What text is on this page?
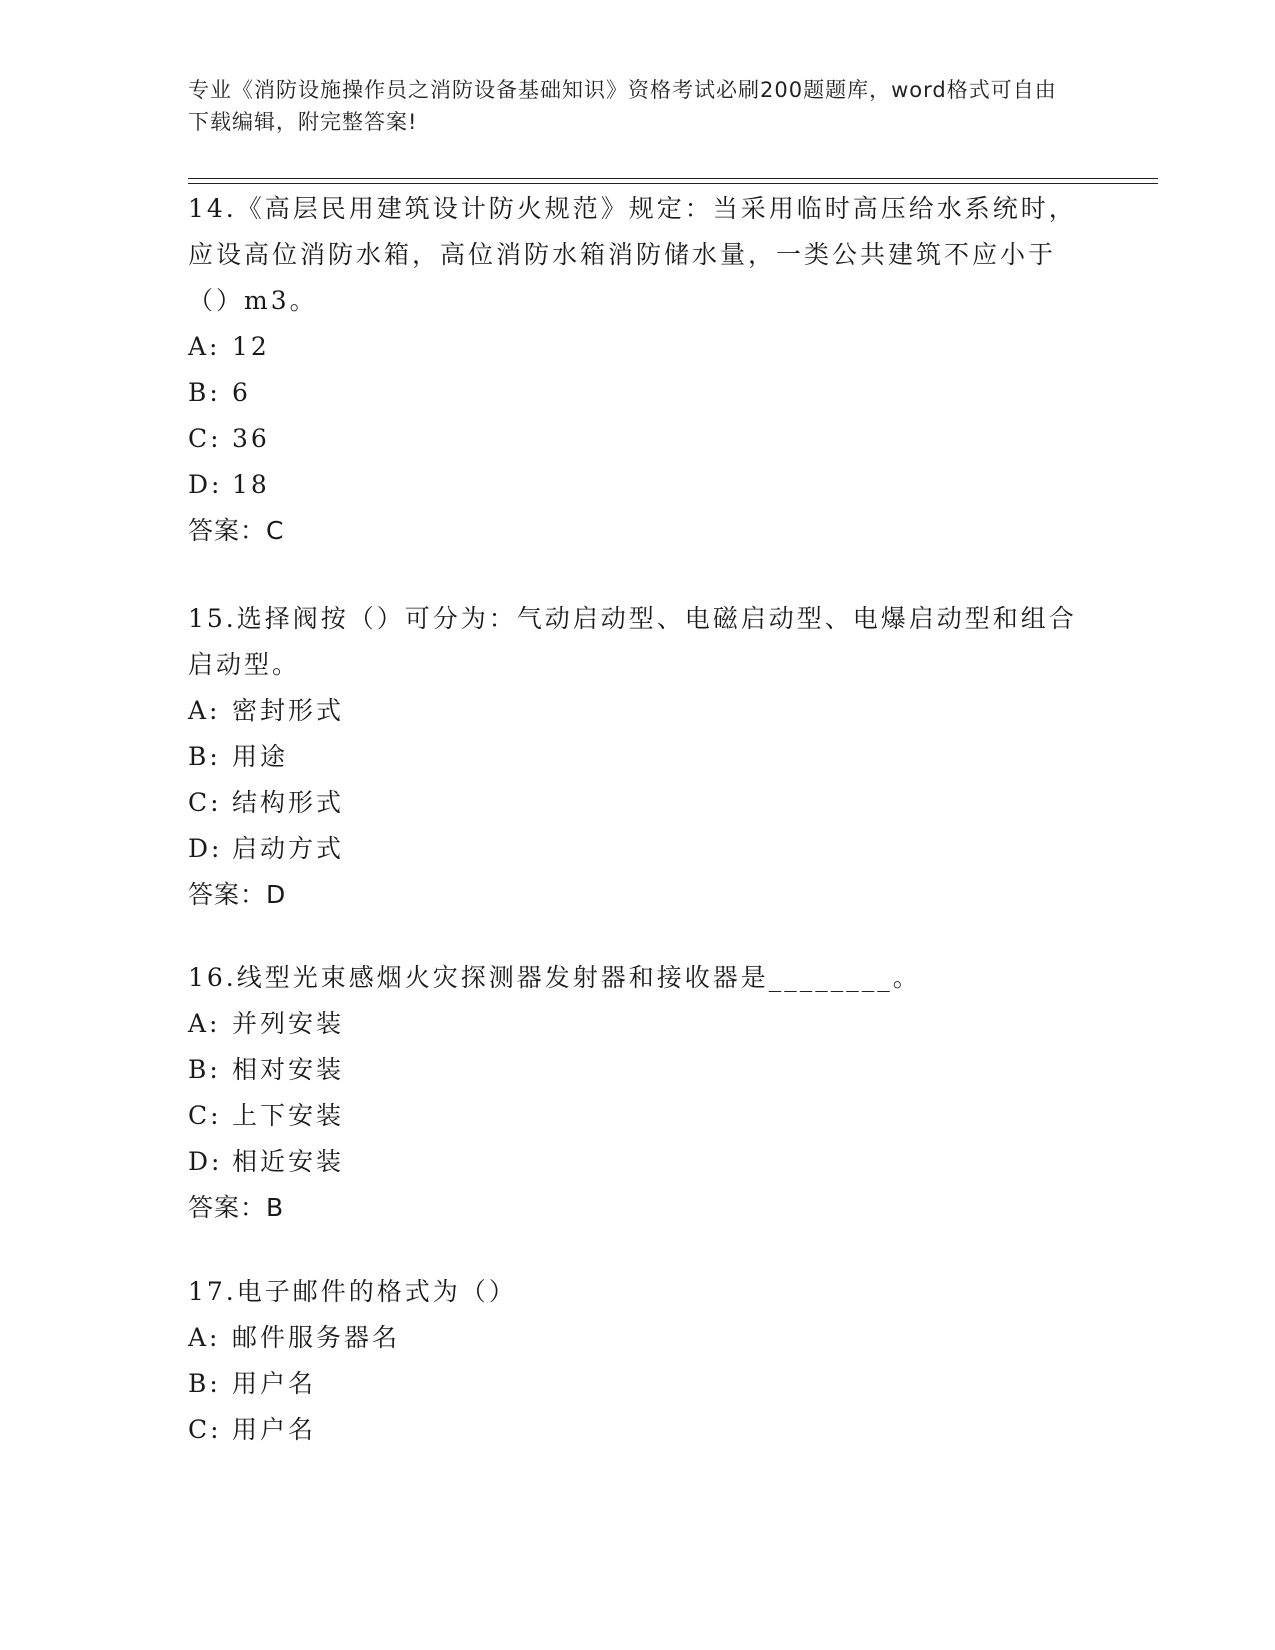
专业《消防设施操作员之消防设备基础知识》资格考试必刷200题题库，word格式可自由下载编辑，附完整答案!

14.《高层民用建筑设计防火规范》规定：当采用临时高压给水系统时，应设高位消防水箱，高位消防水箱消防储水量，一类公共建筑不应小于（）m3。

A: 12

B: 6

C: 36

D: 18

答案：C

15.选择阀按（）可分为：气动启动型、电磁启动型、电爆启动型和组合启动型。

A: 密封形式

B: 用途

C: 结构形式

D: 启动方式

答案：D

16.线型光束感烟火灾探测器发射器和接收器是________。

A: 并列安装

B: 相对安装

C: 上下安装

D: 相近安装

答案：B

17.电子邮件的格式为（）

A: 邮件服务器名

B: 用户名

C: 用户名
